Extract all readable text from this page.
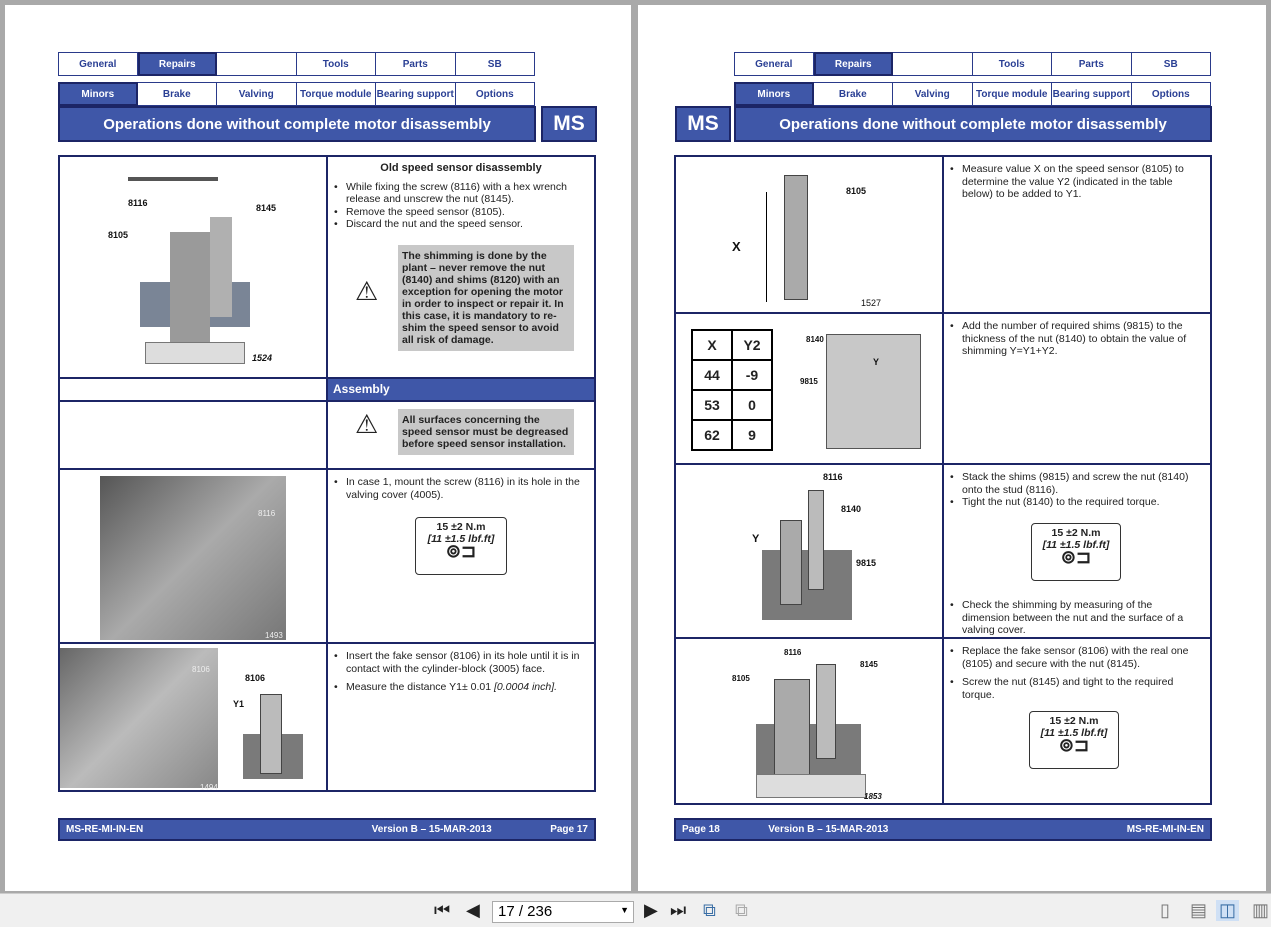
General	Repairs	Tools	Parts	SB
Minors	Brake	Valving	Torque module Bearing support	Options
Operations done without complete motor disassembly	MS
8116	8145
8105
1524
Old speed sensor disassembly
• While fixing the screw (8116) with a hex wrench release and unscrew the nut (8145).
• Remove the speed sensor (8105).
• Discard the nut and the speed sensor.
⚠
The shimming is done by the plant – never remove the nut (8140) and shims (8120) with an exception for opening the motor in order to inspect or repair it. In this case, it is mandatory to re-shim the speed sensor to avoid all risk of damage.
Assembly
⚠	All surfaces concerning the speed sensor must be degreased before speed sensor installation.
8116
1493
• In case 1, mount the screw (8116) in its hole in the valving cover (4005).
15 ±2 N.m
[11 ±1.5 lbf.ft]
⊚⊐
8106
8106
Y1
1494
• Insert the fake sensor (8106) in its hole until it is in contact with the cylinder-block (3005) face.
• Measure the distance Y1± 0.01 [0.0004 inch].
MS-RE-MI-IN-EN	Version B – 15-MAR-2013	Page 17
General	Repairs	Tools	Parts	SB
Minors	Brake	Valving	Torque module Bearing support	Options
MS	Operations done without complete motor disassembly
8105
X
1527
• Measure value X on the speed sensor (8105) to determine the value Y2 (indicated in the table below) to be added to Y1.
X	Y2
44	-9
53	0
62	9
8140
Y
9815
• Add the number of required shims (9815) to the thickness of the nut (8140) to obtain the value of shimming Y=Y1+Y2.
8116
8140
Y
9815
• Stack the shims (9815) and screw the nut (8140) onto the stud (8116).
• Tight the nut (8140) to the required torque.
15 ±2 N.m
[11 ±1.5 lbf.ft]
⊚⊐
• Check the shimming by measuring of the dimension between the nut and the surface of a valving cover.
8116
8145
8105
1853
• Replace the fake sensor (8106) with the real one (8105) and secure with the nut (8145).
• Screw the nut (8145) and tight to the required torque.
15 ±2 N.m
[11 ±1.5 lbf.ft]
⊚⊐
Page 18	Version B – 15-MAR-2013	MS-RE-MI-IN-EN
⏮ ◀	17 / 236	▼ ▶ ⏭ ⧉ ⧉	▯ ▤ ◫ ▥
